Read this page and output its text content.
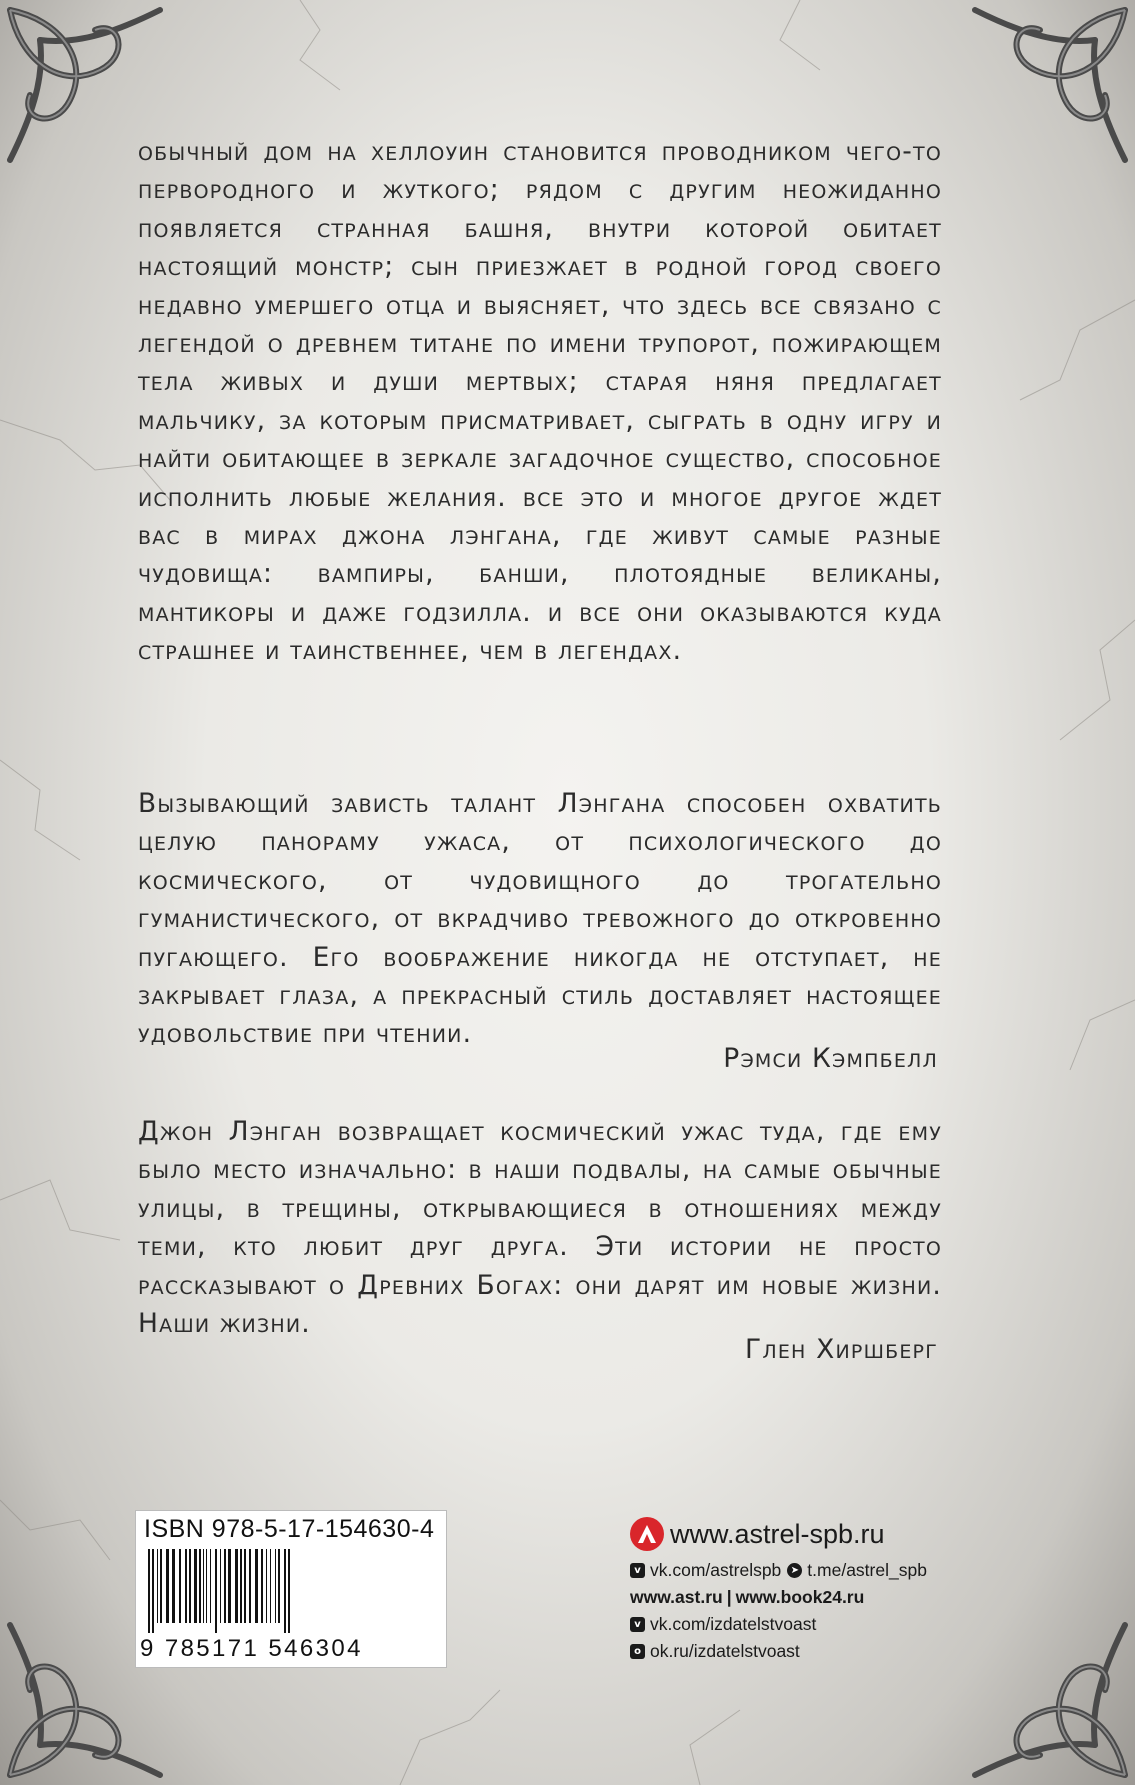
обычный дом на хеллоуин становится проводником чего-то первородного и жуткого; рядом с другим неожиданно появляется странная башня, внутри которой обитает настоящий монстр; сын приезжает в родной город своего недавно умершего отца и выясняет, что здесь все связано с легендой о древнем титане по имени трупорот, пожирающем тела живых и души мертвых; старая няня предлагает мальчику, за которым присматривает, сыграть в одну игру и найти обитающее в зеркале загадочное существо, способное исполнить любые желания. все это и многое другое ждет вас в мирах джона лэнгана, где живут самые разные чудовища: вампиры, банши, плотоядные великаны, мантикоры и даже годзилла. и все они оказываются куда страшнее и таинственнее, чем в легендах.

Вызывающий зависть талант Лэнгана способен охватить целую панораму ужаса, от психологического до космического, от чудовищного до трогательно гуманистического, от вкрадчиво тревожного до откровенно пугающего. Его воображение никогда не отступает, не закрывает глаза, а прекрасный стиль доставляет настоящее удовольствие при чтении.

Рэмси Кэмпбелл

Джон Лэнган возвращает космический ужас туда, где ему было место изначально: в наши подвалы, на самые обычные улицы, в трещины, открывающиеся в отношениях между теми, кто любит друг друга. Эти истории не просто рассказывают о Древних Богах: они дарят им новые жизни. Наши жизни.

Глен Хиршберг

ISBN 978-5-17-154630-4
9 785171 546304
www.astrel-spb.ru
v vk.com/astrelspb ➤ t.me/astrel_spb
www.ast.ru | www.book24.ru
v vk.com/izdatelstvoast
o ok.ru/izdatelstvoast
